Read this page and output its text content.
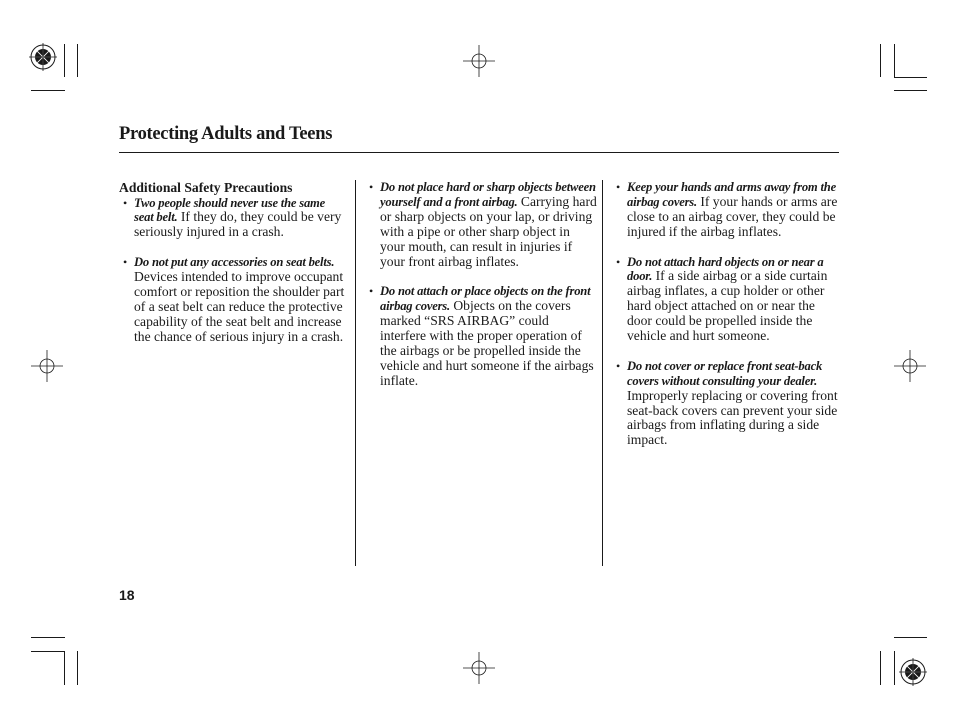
Protecting Adults and Teens
Additional Safety Precautions
• Two people should never use the same seat belt. If they do, they could be very seriously injured in a crash.
• Do not put any accessories on seat belts. Devices intended to improve occupant comfort or reposition the shoulder part of a seat belt can reduce the protective capability of the seat belt and increase the chance of serious injury in a crash.
• Do not place hard or sharp objects between yourself and a front airbag. Carrying hard or sharp objects on your lap, or driving with a pipe or other sharp object in your mouth, can result in injuries if your front airbag inflates.
• Do not attach or place objects on the front airbag covers. Objects on the covers marked “SRS AIRBAG” could interfere with the proper operation of the airbags or be propelled inside the vehicle and hurt someone if the airbags inflate.
• Keep your hands and arms away from the airbag covers. If your hands or arms are close to an airbag cover, they could be injured if the airbag inflates.
• Do not attach hard objects on or near a door. If a side airbag or a side curtain airbag inflates, a cup holder or other hard object attached on or near the door could be propelled inside the vehicle and hurt someone.
• Do not cover or replace front seat-back covers without consulting your dealer. Improperly replacing or covering front seat-back covers can prevent your side airbags from inflating during a side impact.
18
